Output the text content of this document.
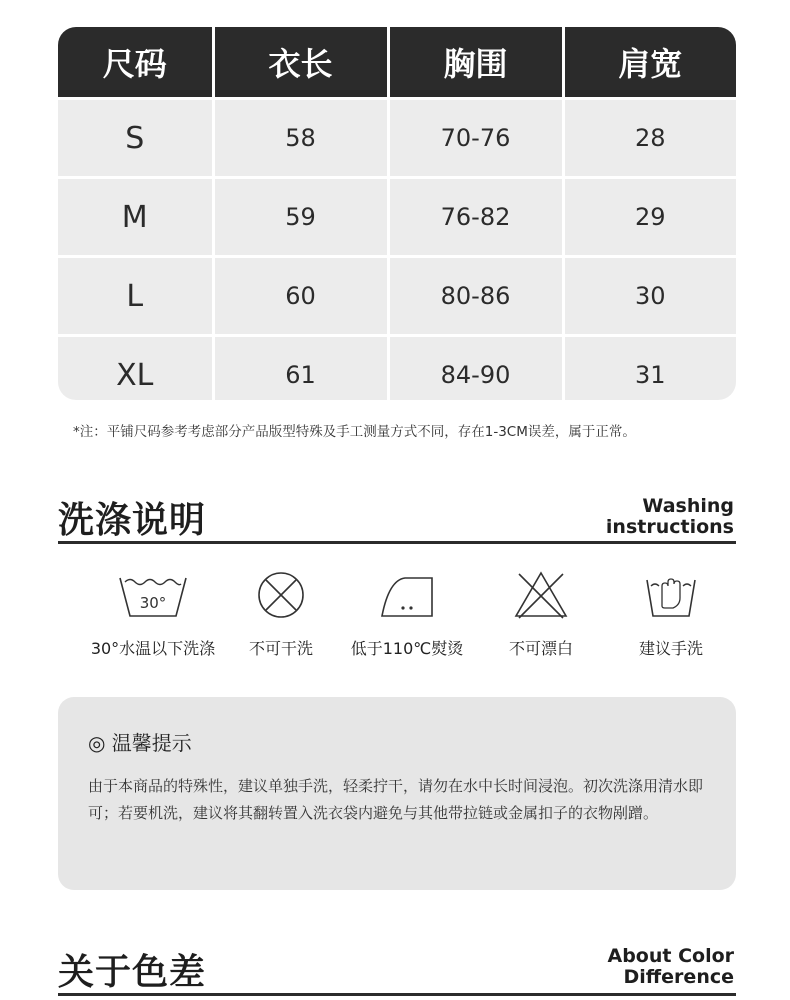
尺码	衣长	胸围	肩宽
S	58	70-76	28
M	59	76-82	29
L	60	80-86	30
XL	61	84-90	31
*注：平铺尺码参考考虑部分产品版型特殊及手工测量方式不同，存在1-3CM误差，属于正常。
洗涤说明	Washing
instructions
30°
30°水温以下洗涤	不可干洗	低于110℃熨烫	不可漂白	建议手洗
◎ 温馨提示
由于本商品的特殊性，建议单独手洗，轻柔拧干，请勿在水中长时间浸泡。初次洗涤用清水即可；若要机洗，建议将其翻转置入洗衣袋内避免与其他带拉链或金属扣子的衣物剐蹭。
关于色差	About Color
Difference
